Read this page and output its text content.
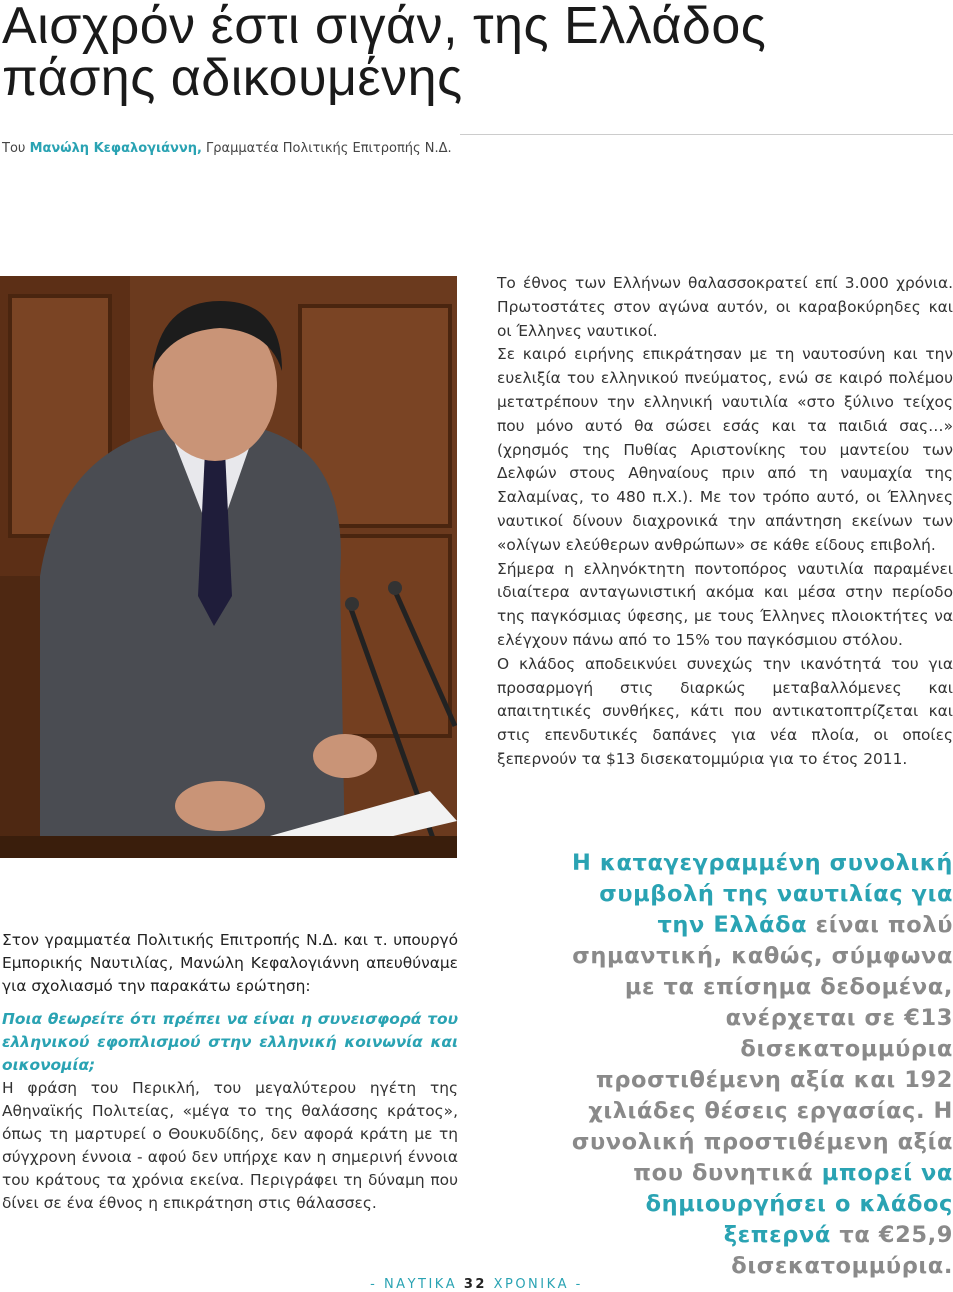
Αισχρόν έστι σιγάν, της Ελλάδος
πάσης αδικουμένης
Του Μανώλη Κεφαλογιάννη, Γραμματέα Πολιτικής Επιτροπής Ν.Δ.

Το έθνος των Ελλήνων θαλασσοκρατεί επί 3.000 χρόνια. Πρωτοστάτες στον αγώνα αυτόν, οι καραβοκύρηδες και οι Έλληνες ναυτικοί.

Σε καιρό ειρήνης επικράτησαν με τη ναυτοσύνη και την ευελιξία του ελληνικού πνεύματος, ενώ σε καιρό πολέμου μετατρέπουν την ελληνική ναυτιλία «στο ξύλινο τείχος που μόνο αυτό θα σώσει εσάς και τα παιδιά σας…» (χρησμός της Πυθίας Αριστονίκης του μαντείου των Δελφών στους Αθηναίους πριν από τη ναυμαχία της Σαλαμίνας, το 480 π.Χ.). Με τον τρόπο αυτό, οι Έλληνες ναυτικοί δίνουν διαχρονικά την απάντηση εκείνων των «ολίγων ελεύθερων ανθρώπων» σε κάθε είδους επιβολή.

Σήμερα η ελληνόκτητη ποντοπόρος ναυτιλία παραμένει ιδιαίτερα ανταγωνιστική ακόμα και μέσα στην περίοδο της παγκόσμιας ύφεσης, με τους Έλληνες πλοιοκτήτες να ελέγχουν πάνω από το 15% του παγκόσμιου στόλου.

Ο κλάδος αποδεικνύει συνεχώς την ικανότητά του για προσαρμογή στις διαρκώς μεταβαλλόμενες και απαιτητικές συνθήκες, κάτι που αντικατοπτρίζεται και στις επενδυτικές δαπάνες για νέα πλοία, οι οποίες ξεπερνούν τα $13 δισεκατομμύρια για το έτος 2011.

Η καταγεγραμμένη συνολική συμβολή της ναυτιλίας για την Ελλάδα είναι πολύ σημαντική, καθώς, σύμφωνα με τα επίσημα δεδομένα, ανέρχεται σε €13 δισεκατομμύρια προστιθέμενη αξία και 192 χιλιάδες θέσεις εργασίας. Η συνολική προστιθέμενη αξία που δυνητικά μπορεί να δημιουργήσει ο κλάδος ξεπερνά τα €25,9 δισεκατομμύρια.

Στον γραμματέα Πολιτικής Επιτροπής Ν.Δ. και τ. υπουργό Εμπορικής Ναυτιλίας, Μανώλη Κεφαλογιάννη απευθύναμε για σχολιασμό την παρακάτω ερώτηση:

Ποια θεωρείτε ότι πρέπει να είναι η συνεισφορά του ελληνικού εφοπλισμού στην ελληνική κοινωνία και οικονομία;

Η φράση του Περικλή, του μεγαλύτερου ηγέτη της Αθηναϊκής Πολιτείας, «μέγα το της θαλάσσης κράτος», όπως τη μαρτυρεί ο Θουκυδίδης, δεν αφορά κράτη με τη σύγχρονη έννοια - αφού δεν υπήρχε καν η σημερινή έννοια του κράτους τα χρόνια εκείνα. Περιγράφει τη δύναμη που δίνει σε ένα έθνος η επικράτηση στις θάλασσες.

- ΝΑΥΤΙΚΑ 32 ΧΡΟΝΙΚΑ -
